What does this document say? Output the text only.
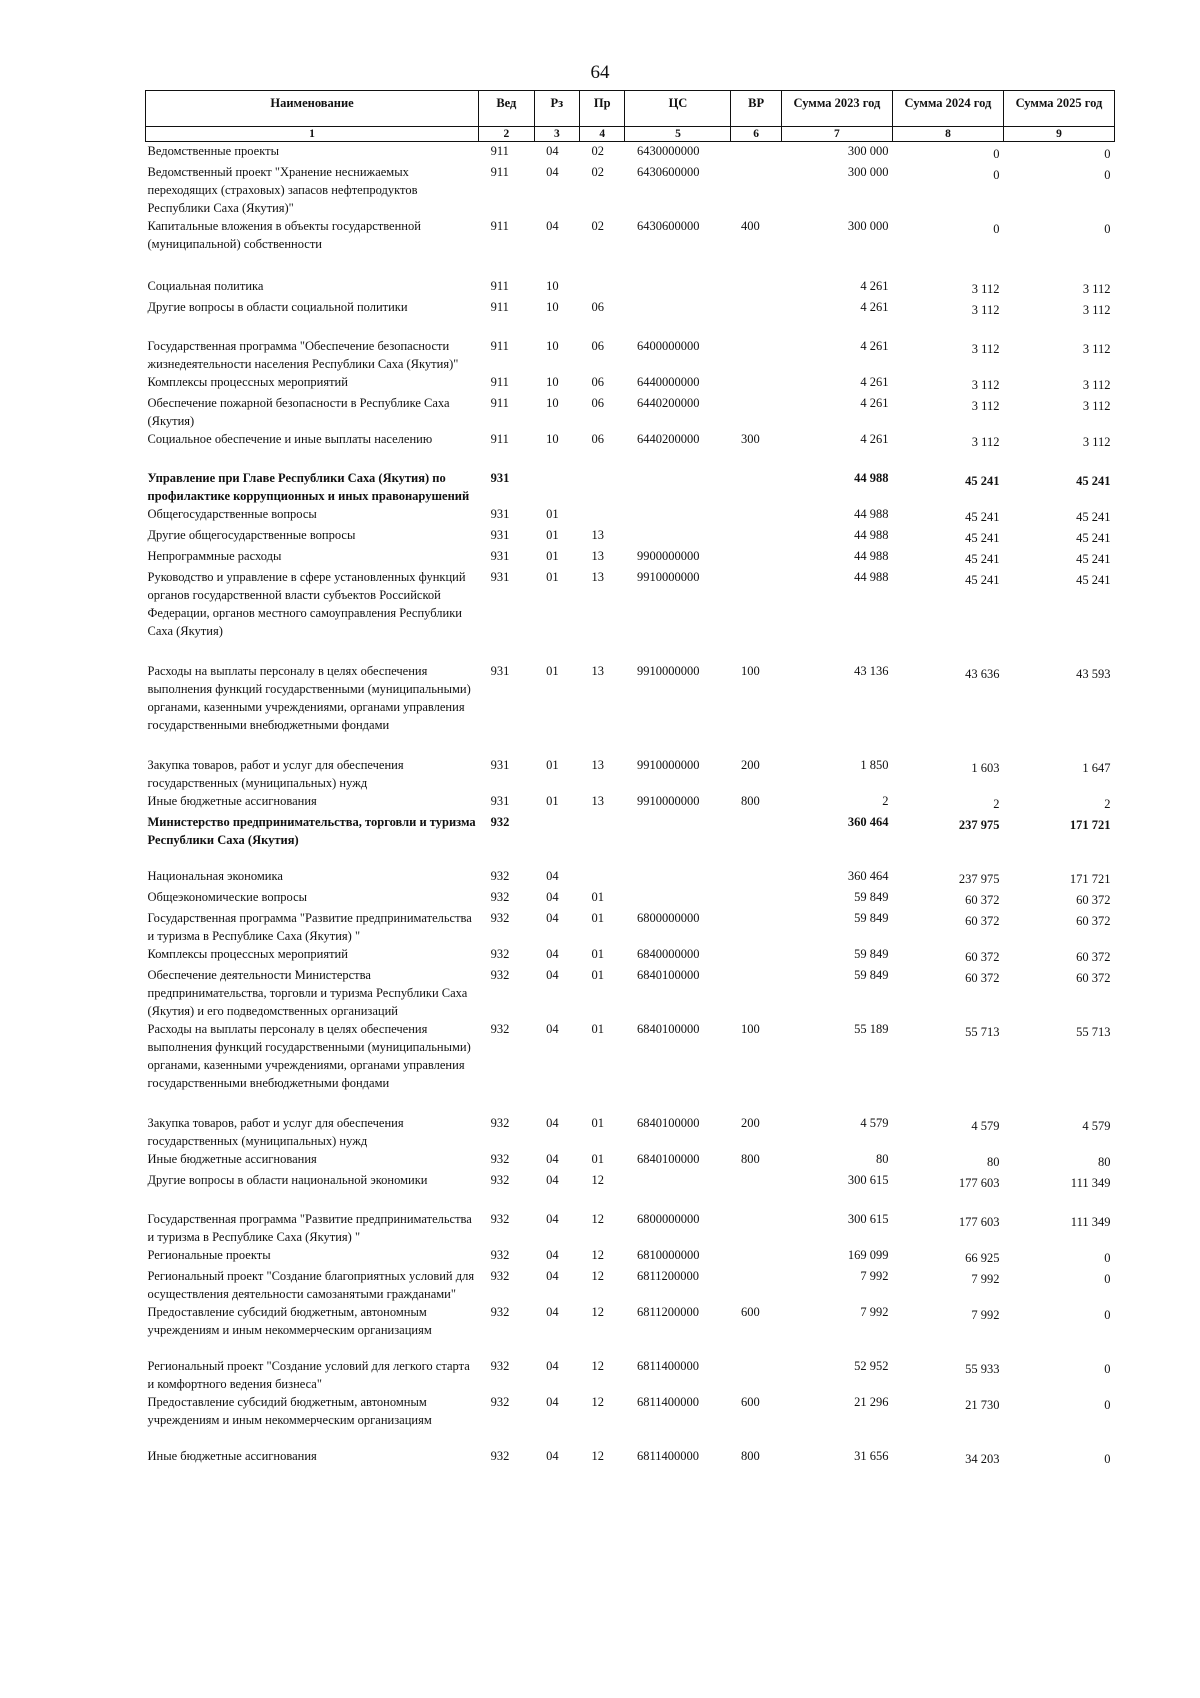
64
Наименование	Вед	Рз	Пр	ЦС	ВР	Сумма 2023 год	Сумма 2024 год	Сумма 2025 год
1	2	3	4	5	6	7	8	9
Ведомственные проекты	911	04	02	6430000000		300 000	0	0
Ведомственный проект "Хранение неснижаемых переходящих (страховых) запасов нефтепродуктов Республики Саха (Якутия)"	911	04	02	6430600000		300 000	0	0
Капитальные вложения в объекты государственной (муниципальной) собственности	911	04	02	6430600000	400	300 000	0	0
Социальная политика	911	10				4 261	3 112	3 112
Другие вопросы в области социальной политики	911	10	06			4 261	3 112	3 112
Государственная программа "Обеспечение безопасности жизнедеятельности населения Республики Саха (Якутия)"	911	10	06	6400000000		4 261	3 112	3 112
Комплексы процессных мероприятий	911	10	06	6440000000		4 261	3 112	3 112
Обеспечение пожарной безопасности в Республике Саха (Якутия)	911	10	06	6440200000		4 261	3 112	3 112
Социальное обеспечение и иные выплаты населению	911	10	06	6440200000	300	4 261	3 112	3 112
Управление при Главе Республики Саха (Якутия) по профилактике коррупционных и иных правонарушений	931					44 988	45 241	45 241
Общегосударственные вопросы	931	01				44 988	45 241	45 241
Другие общегосударственные вопросы	931	01	13			44 988	45 241	45 241
Непрограммные расходы	931	01	13	9900000000		44 988	45 241	45 241
Руководство и управление в сфере установленных функций органов государственной власти субъектов Российской Федерации, органов местного самоуправления Республики Саха (Якутия)	931	01	13	9910000000		44 988	45 241	45 241
Расходы на выплаты персоналу в целях обеспечения выполнения функций государственными (муниципальными) органами, казенными учреждениями, органами управления государственными внебюджетными фондами	931	01	13	9910000000	100	43 136	43 636	43 593
Закупка товаров, работ и услуг для обеспечения государственных (муниципальных) нужд	931	01	13	9910000000	200	1 850	1 603	1 647
Иные бюджетные ассигнования	931	01	13	9910000000	800	2	2	2
Министерство предпринимательства, торговли и туризма Республики Саха (Якутия)	932					360 464	237 975	171 721
Национальная экономика	932	04				360 464	237 975	171 721
Общеэкономические вопросы	932	04	01			59 849	60 372	60 372
Государственная программа "Развитие предпринимательства и туризма в Республике Саха (Якутия) "	932	04	01	6800000000		59 849	60 372	60 372
Комплексы процессных мероприятий	932	04	01	6840000000		59 849	60 372	60 372
Обеспечение деятельности Министерства предпринимательства, торговли и туризма Республики Саха (Якутия) и его подведомственных организаций	932	04	01	6840100000		59 849	60 372	60 372
Расходы на выплаты персоналу в целях обеспечения выполнения функций государственными (муниципальными) органами, казенными учреждениями, органами управления государственными внебюджетными фондами	932	04	01	6840100000	100	55 189	55 713	55 713
Закупка товаров, работ и услуг для обеспечения государственных (муниципальных) нужд	932	04	01	6840100000	200	4 579	4 579	4 579
Иные бюджетные ассигнования	932	04	01	6840100000	800	80	80	80
Другие вопросы в области национальной экономики	932	04	12			300 615	177 603	111 349
Государственная программа "Развитие предпринимательства и туризма в Республике Саха (Якутия) "	932	04	12	6800000000		300 615	177 603	111 349
Региональные проекты	932	04	12	6810000000		169 099	66 925	0
Региональный проект "Создание благоприятных условий для осуществления деятельности самозанятыми гражданами"	932	04	12	6811200000		7 992	7 992	0
Предоставление субсидий бюджетным, автономным учреждениям и иным некоммерческим организациям	932	04	12	6811200000	600	7 992	7 992	0
Региональный проект "Создание условий для легкого старта и комфортного ведения бизнеса"	932	04	12	6811400000		52 952	55 933	0
Предоставление субсидий бюджетным, автономным учреждениям и иным некоммерческим организациям	932	04	12	6811400000	600	21 296	21 730	0
Иные бюджетные ассигнования	932	04	12	6811400000	800	31 656	34 203	0
